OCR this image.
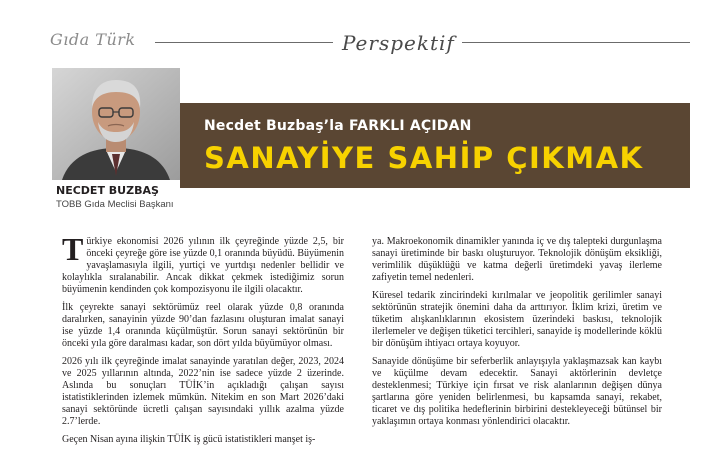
Gıda Türk	Perspektif
NECDET BUZBAŞ
TOBB Gıda Meclisi Başkanı
Necdet Buzbaş’la FARKLI AÇIDAN
SANAYİYE SAHİP ÇIKMAK

Türkiye ekonomisi 2026 yılının ilk çeyreğinde yüzde 2,5, bir önceki çeyreğe göre ise yüzde 0,1 oranında büyüdü. Büyümenin yavaşlamasıyla ilgili, yurtiçi ve yurtdışı nedenler bellidir ve kolaylıkla sıralanabilir. Ancak dikkat çekmek istediğimiz sorun büyümenin kendinden çok kompozisyonu ile ilgili olacaktır.

İlk çeyrekte sanayi sektörümüz reel olarak yüzde 0,8 oranında daralırken, sanayinin yüzde 90’dan fazlasını oluşturan imalat sanayi ise yüzde 1,4 oranında küçülmüştür. Sorun sanayi sektörünün bir önceki yıla göre daralması kadar, son dört yılda büyümüyor olması.

2026 yılı ilk çeyreğinde imalat sanayinde yaratılan değer, 2023, 2024 ve 2025 yıllarının altında, 2022’nin ise sadece yüzde 2 üzerinde. Aslında bu sonuçları TÜİK’in açıkladığı çalışan sayısı istatistiklerinden izlemek mümkün. Nitekim en son Mart 2026’daki sanayi sektöründe ücretli çalışan sayısındaki yıllık azalma yüzde 2.7’lerde.

Geçen Nisan ayına ilişkin TÜİK iş gücü istatistikleri manşet iş-

ya. Makroekonomik dinamikler yanında iç ve dış talepteki durgunlaşma sanayi üretiminde bir baskı oluşturuyor. Teknolojik dönüşüm eksikliği, verimlilik düşüklüğü ve katma değerli üretimdeki yavaş ilerleme zafiyetin temel nedenleri.

Küresel tedarik zincirindeki kırılmalar ve jeopolitik gerilimler sanayi sektörünün stratejik önemini daha da arttırıyor. İklim krizi, üretim ve tüketim alışkanlıklarının ekosistem üzerindeki baskısı, teknolojik ilerlemeler ve değişen tüketici tercihleri, sanayide iş modellerinde köklü bir dönüşüm ihtiyacı ortaya koyuyor.

Sanayide dönüşüme bir seferberlik anlayışıyla yaklaşmazsak kan kaybı ve küçülme devam edecektir. Sanayi aktörlerinin devletçe desteklenmesi; Türkiye için fırsat ve risk alanlarının değişen dünya şartlarına göre yeniden belirlenmesi, bu kapsamda sanayi, rekabet, ticaret ve dış politika hedeflerinin birbirini destekleyeceği bütünsel bir yaklaşımın ortaya konması yönlendirici olacaktır.
